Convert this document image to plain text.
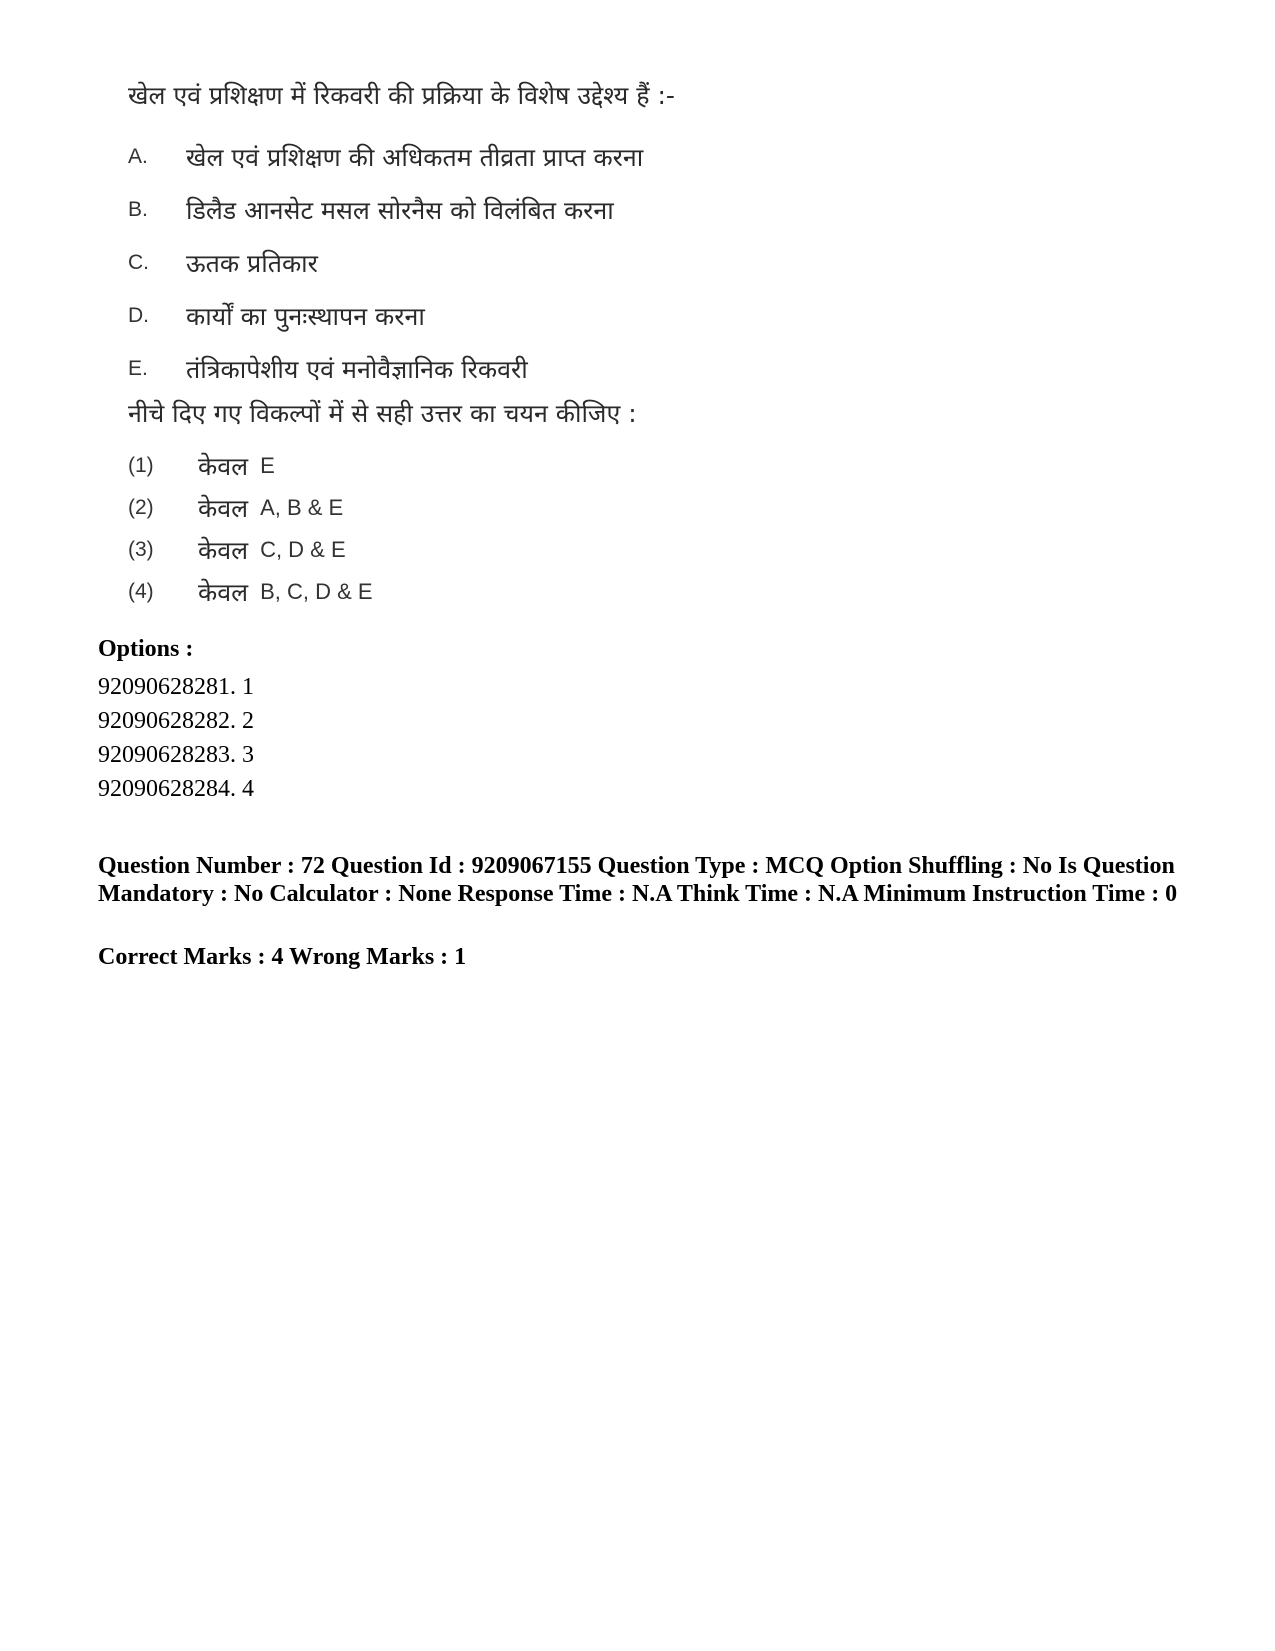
खेल एवं प्रशिक्षण में रिकवरी की प्रक्रिया के विशेष उद्देश्य हैं :-

A.	खेल एवं प्रशिक्षण की अधिकतम तीव्रता प्राप्त करना
B.	डिलैड आनसेट मसल सोरनैस को विलंबित करना
C.	ऊतक प्रतिकार
D.	कार्यों का पुनःस्थापन करना
E.	तंत्रिकापेशीय एवं मनोवैज्ञानिक रिकवरी
नीचे दिए गए विकल्पों में से सही उत्तर का चयन कीजिए :
(1)	केवल E
(2)	केवल A, B & E
(3)	केवल C, D & E
(4)	केवल B, C, D & E
Options :
92090628281. 1
92090628282. 2
92090628283. 3
92090628284. 4
Question Number : 72 Question Id : 9209067155 Question Type : MCQ Option Shuffling : No Is Question Mandatory : No Calculator : None Response Time : N.A Think Time : N.A Minimum Instruction Time : 0
Correct Marks : 4 Wrong Marks : 1
